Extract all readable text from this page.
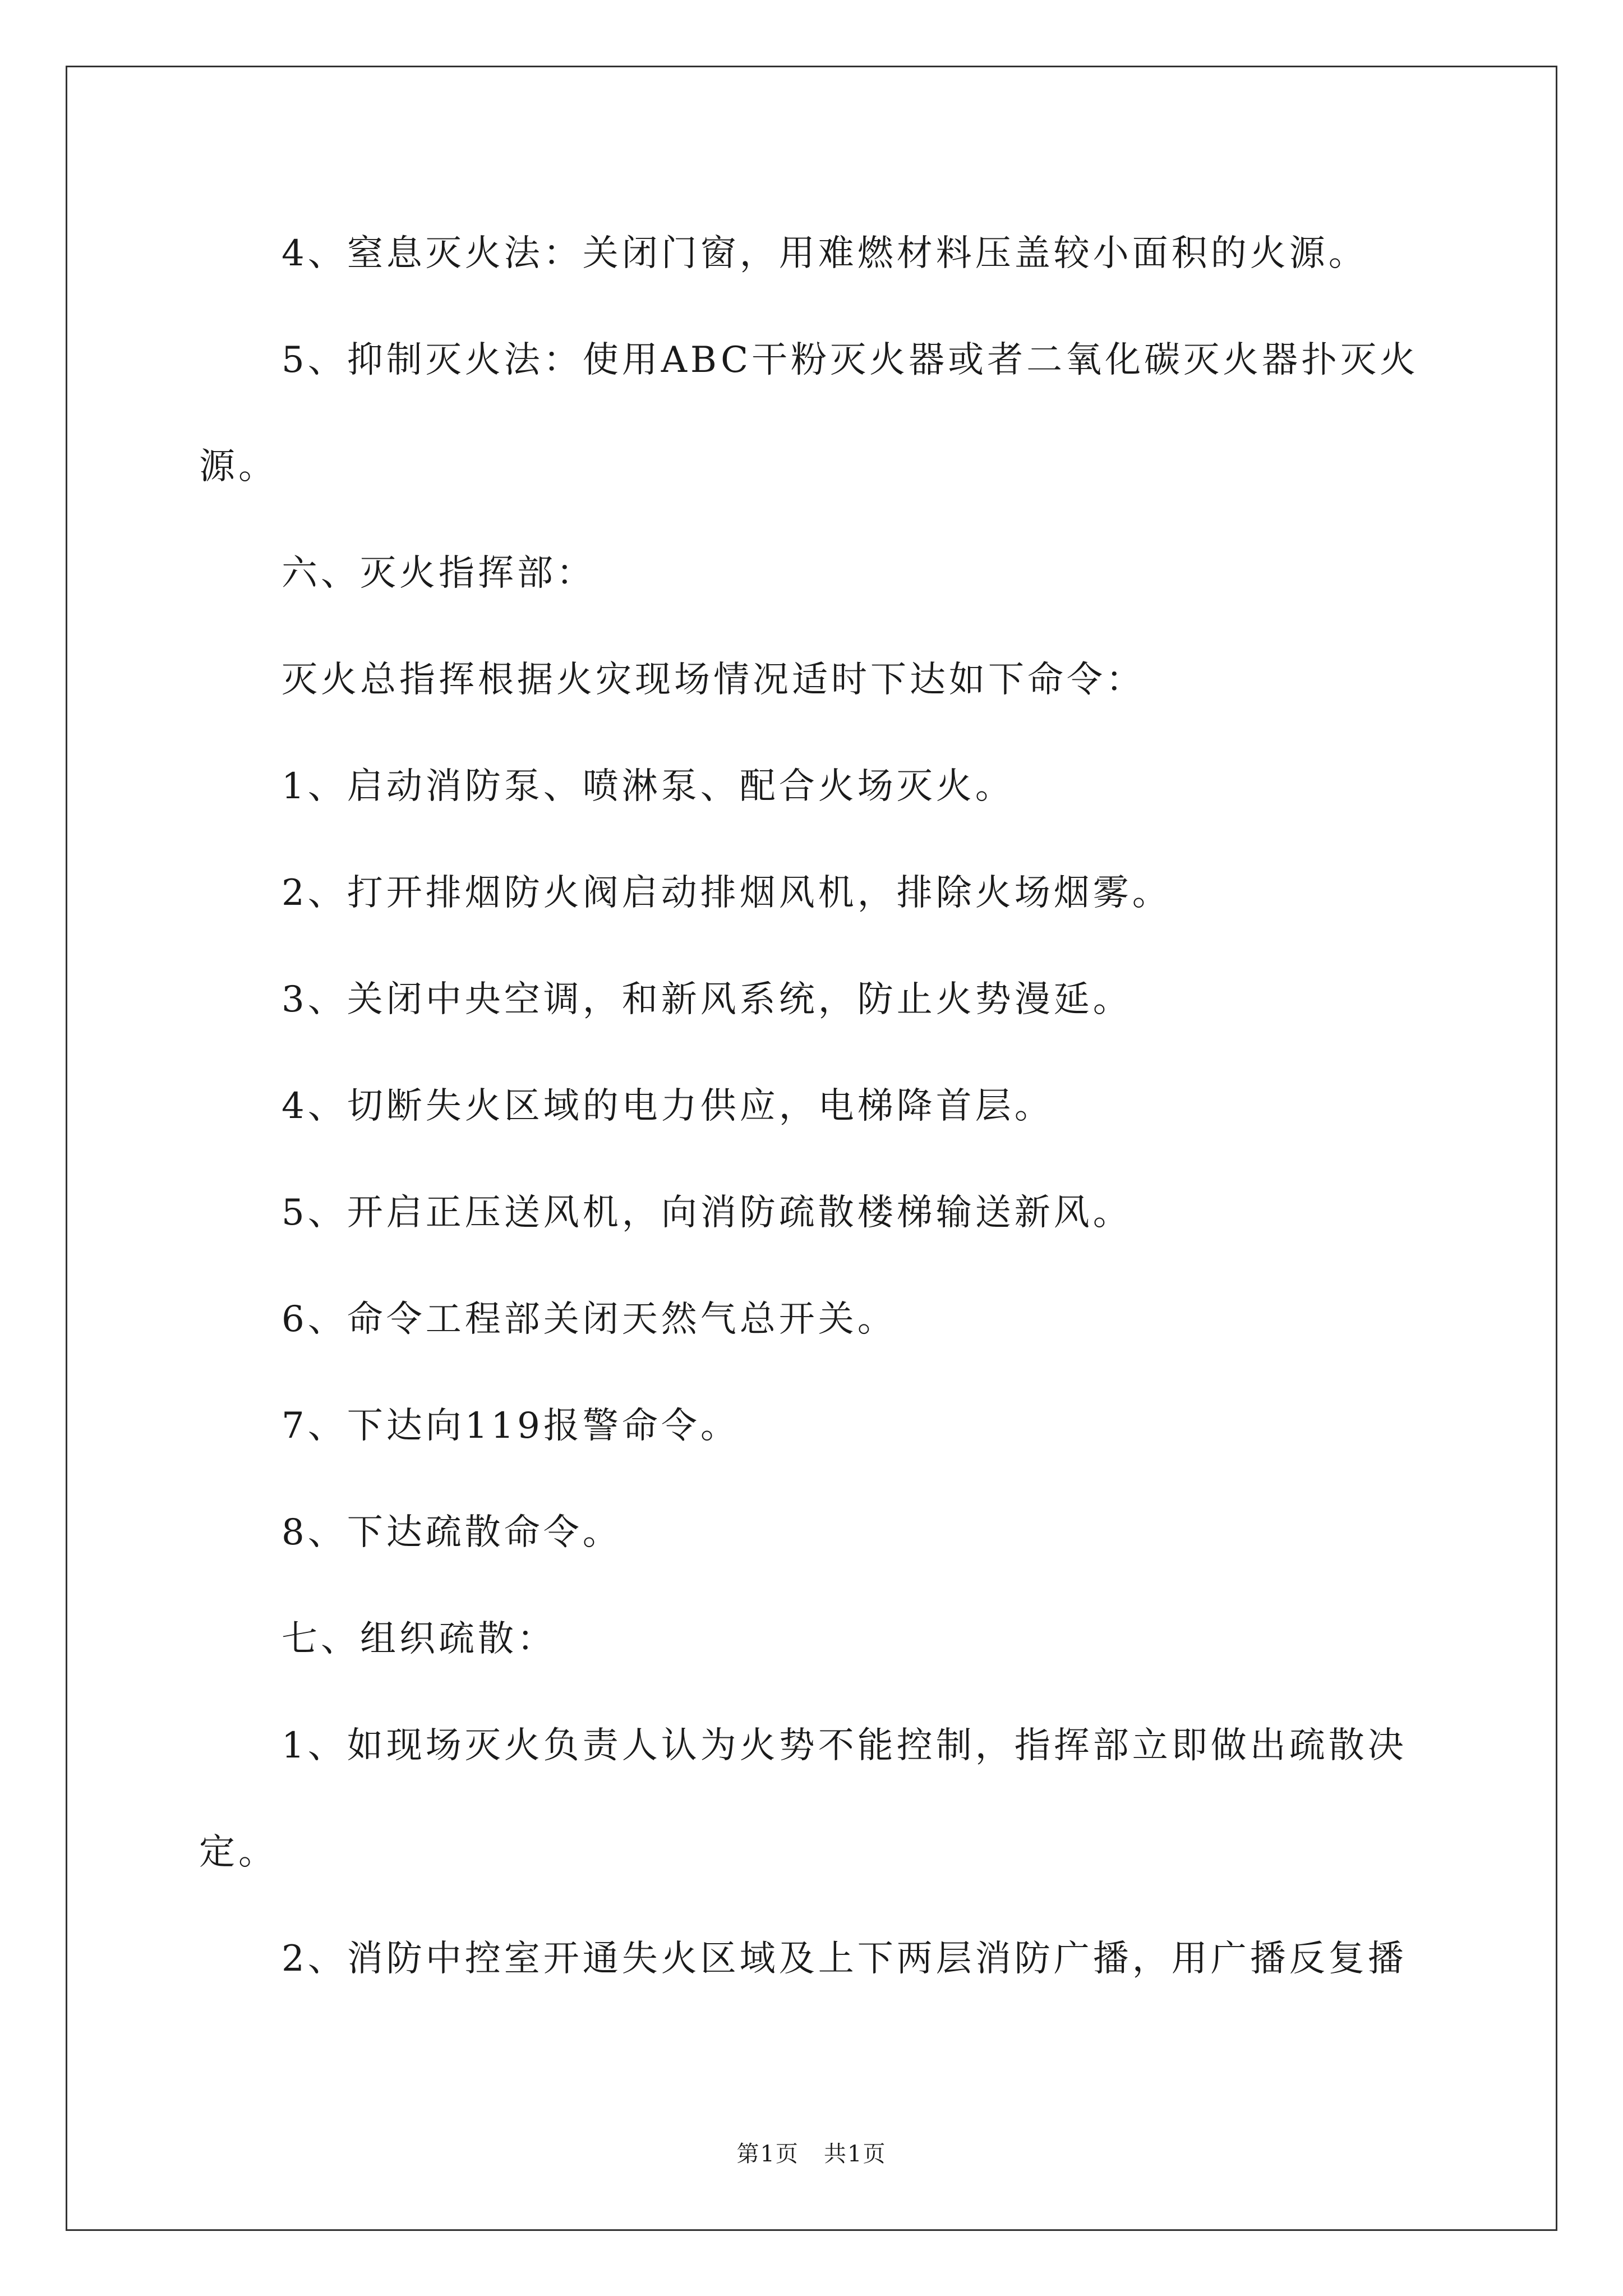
4、窒息灭火法：关闭门窗，用难燃材料压盖较小面积的火源。
5、抑制灭火法：使用ABC干粉灭火器或者二氧化碳灭火器扑灭火
源。
六、灭火指挥部：
灭火总指挥根据火灾现场情况适时下达如下命令：
1、启动消防泵、喷淋泵、配合火场灭火。
2、打开排烟防火阀启动排烟风机，排除火场烟雾。
3、关闭中央空调，和新风系统，防止火势漫延。
4、切断失火区域的电力供应，电梯降首层。
5、开启正压送风机，向消防疏散楼梯输送新风。
6、命令工程部关闭天然气总开关。
7、下达向119报警命令。
8、下达疏散命令。
七、组织疏散：
1、如现场灭火负责人认为火势不能控制，指挥部立即做出疏散决
定。
2、消防中控室开通失火区域及上下两层消防广播，用广播反复播
第1页   共1页
